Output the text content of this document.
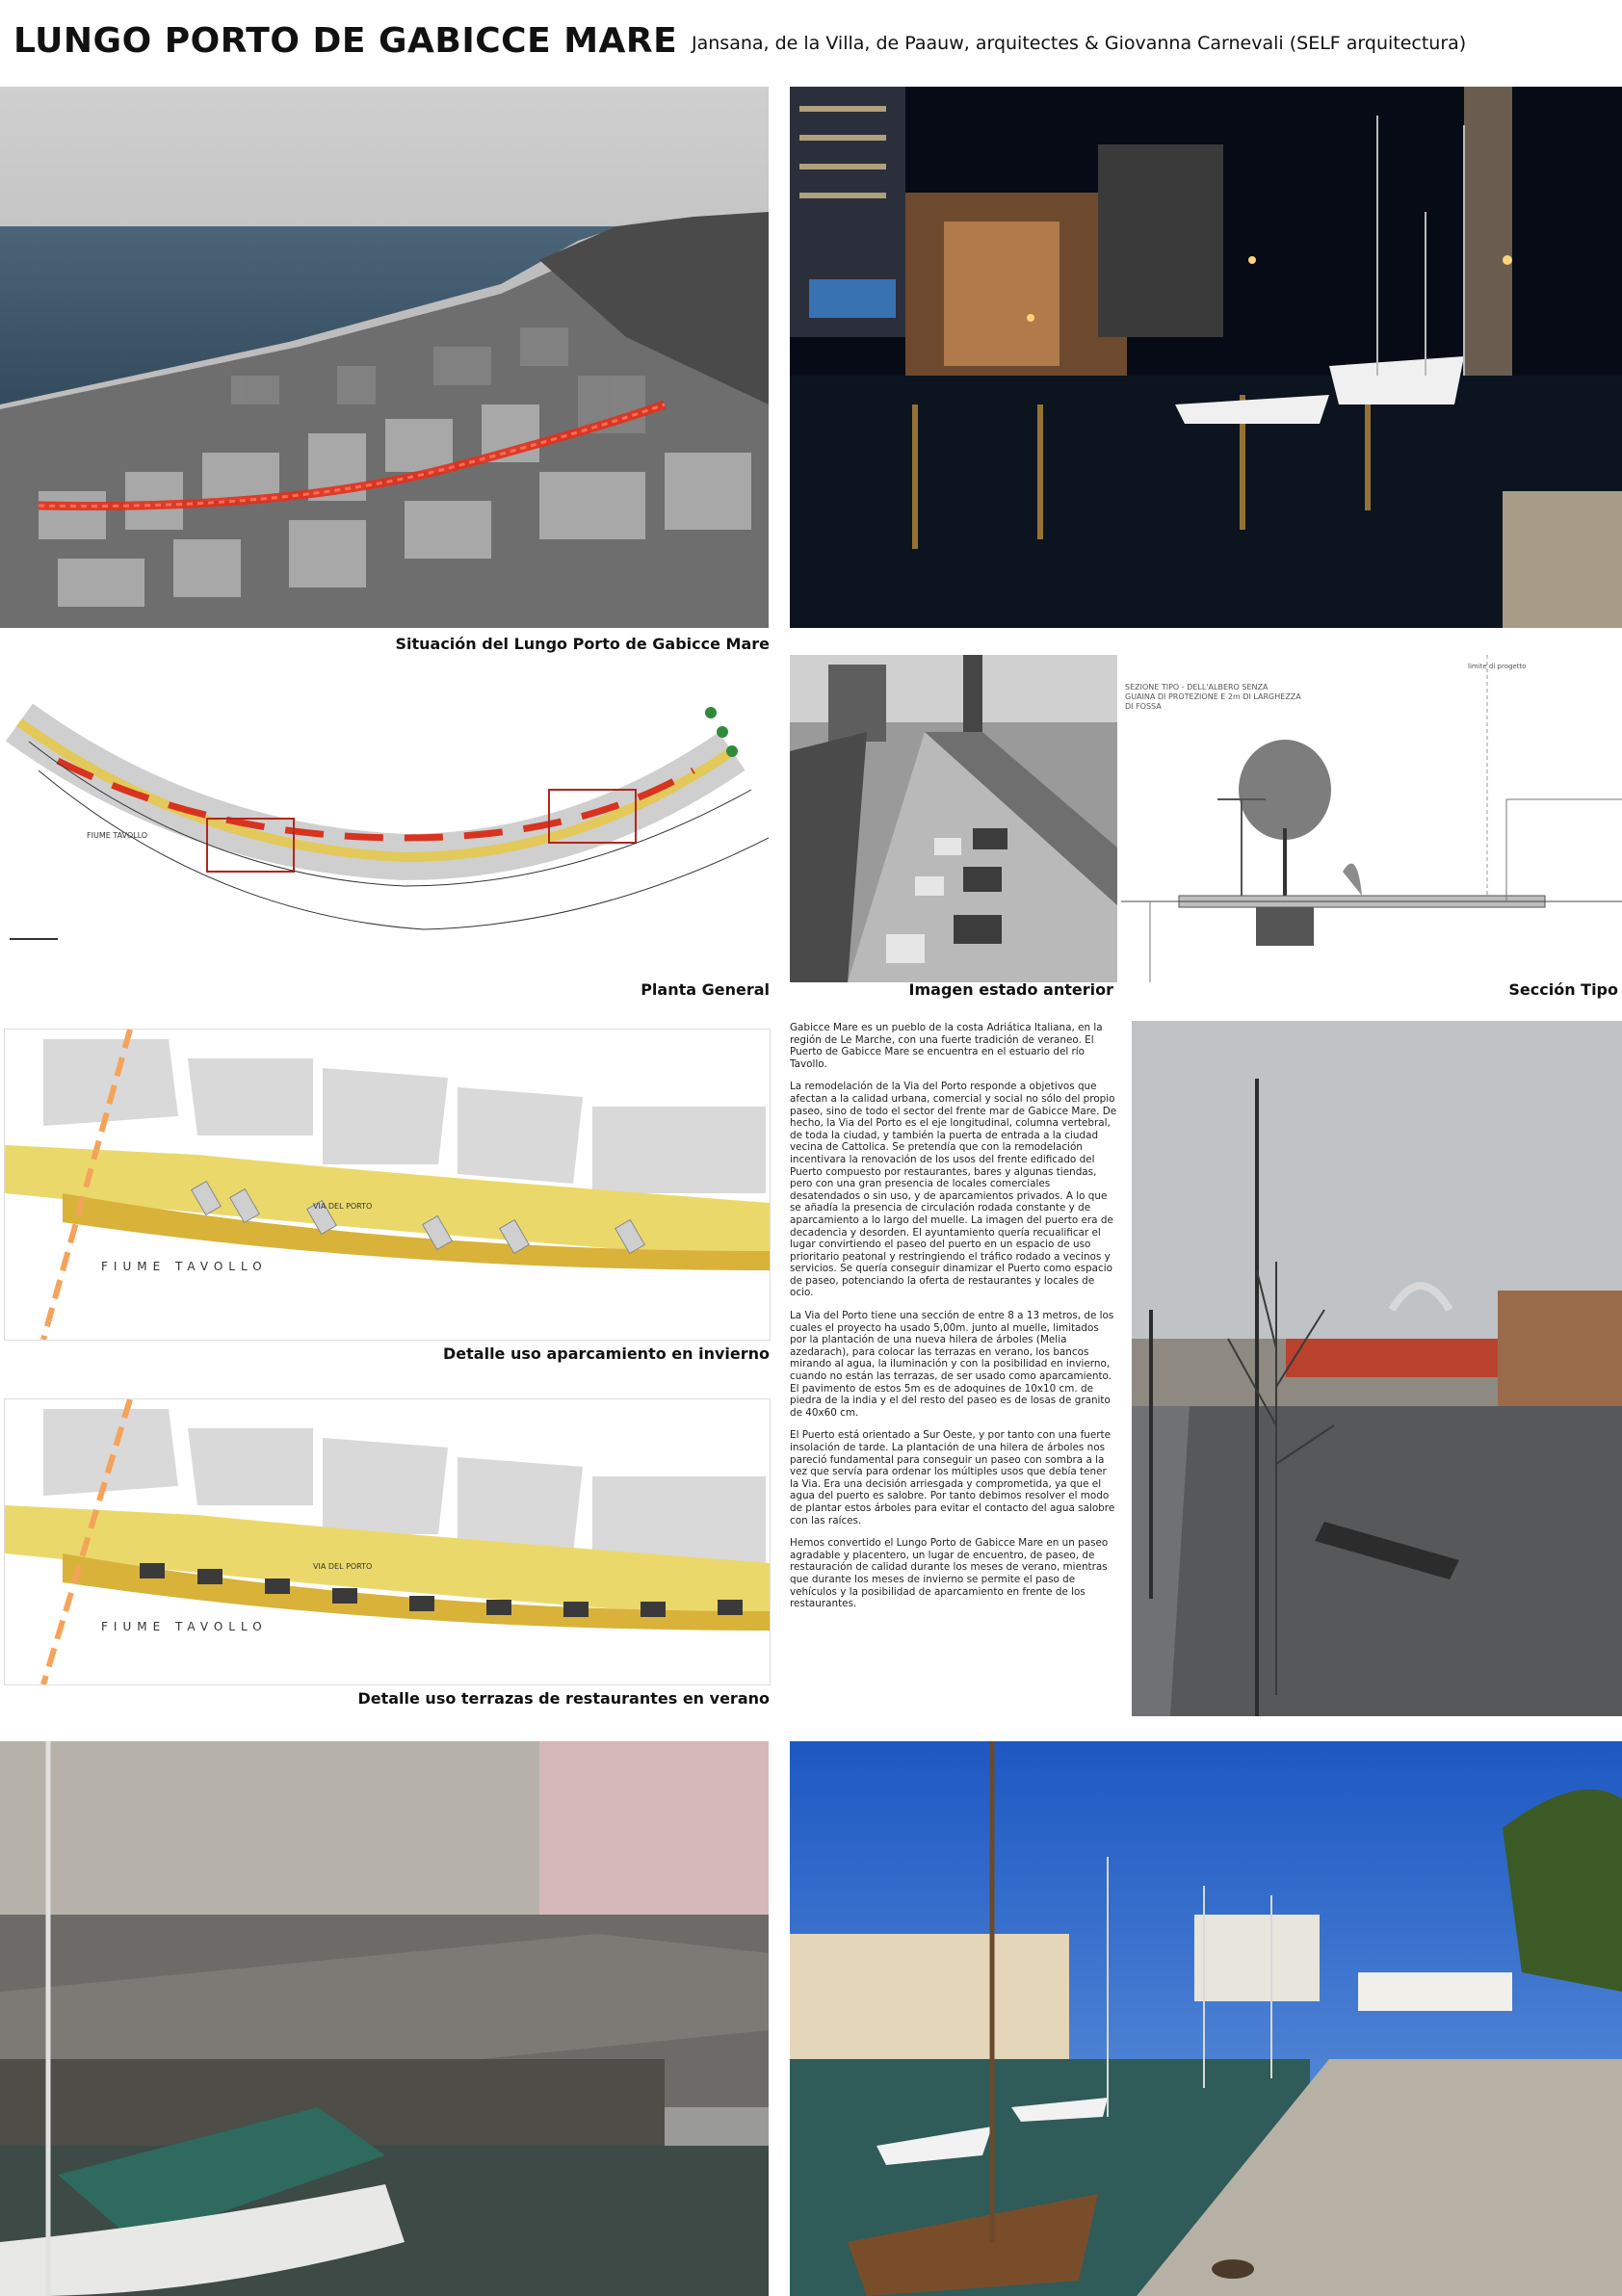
LUNGO PORTO DE GABICCE MARE Jansana, de la Villa, de Paauw, arquitectes & Giovanna Carnevali (SELF arquitectura)
Situación del Lungo Porto de Gabicce Mare
FIUME TAVOLLO
Planta General
SEZIONE TIPO - DELL'ALBERO SENZA
GUAINA DI PROTEZIONE E 2m DI LARGHEZZA
DI FOSSA
limite di progetto
Sección Tipo
Imagen estado anterior
FIUME TAVOLLO
VIA DEL PORTO
Detalle uso aparcamiento en invierno
FIUME TAVOLLO
VIA DEL PORTO
Detalle uso terrazas de restaurantes en verano

Gabicce Mare es un pueblo de la costa Adriática Italiana, en la región de Le Marche, con una fuerte tradición de veraneo. El Puerto de Gabicce Mare se encuentra en el estuario del río Tavollo.

La remodelación de la Via del Porto responde a objetivos que afectan a la calidad urbana, comercial y social no sólo del propio paseo, sino de todo el sector del frente mar de Gabicce Mare. De hecho, la Via del Porto es el eje longitudinal, columna vertebral, de toda la ciudad, y también la puerta de entrada a la ciudad vecina de Cattolica. Se pretendía que con la remodelación incentivara la renovación de los usos del frente edificado del Puerto compuesto por restaurantes, bares y algunas tiendas, pero con una gran presencia de locales comerciales desatendados o sin uso, y de aparcamientos privados. A lo que se añadía la presencia de circulación rodada constante y de aparcamiento a lo largo del muelle. La imagen del puerto era de decadencia y desorden. El ayuntamiento quería recualificar el lugar convirtiendo el paseo del puerto en un espacio de uso prioritario peatonal y restringiendo el tráfico rodado a vecinos y servicios. Se quería conseguir dinamizar el Puerto como espacio de paseo, potenciando la oferta de restaurantes y locales de ocio.

La Via del Porto tiene una sección de entre 8 a 13 metros, de los cuales el proyecto ha usado 5,00m. junto al muelle, limitados por la plantación de una nueva hilera de árboles (Melia azedarach), para colocar las terrazas en verano, los bancos mirando al agua, la iluminación y con la posibilidad en invierno, cuando no están las terrazas, de ser usado como aparcamiento. El pavimento de estos 5m es de adoquines de 10x10 cm. de piedra de la india y el del resto del paseo es de losas de granito de 40x60 cm.

El Puerto está orientado a Sur Oeste, y por tanto con una fuerte insolación de tarde. La plantación de una hilera de árboles nos pareció fundamental para conseguir un paseo con sombra a la vez que servía para ordenar los múltiples usos que debía tener la Via. Era una decisión arriesgada y comprometida, ya que el agua del puerto es salobre. Por tanto debimos resolver el modo de plantar estos árboles para evitar el contacto del agua salobre con las raíces.

Hemos convertido el Lungo Porto de Gabicce Mare en un paseo agradable y placentero, un lugar de encuentro, de paseo, de restauración de calidad durante los meses de verano, mientras que durante los meses de invierno se permite el paso de vehículos y la posibilidad de aparcamiento en frente de los restaurantes.
